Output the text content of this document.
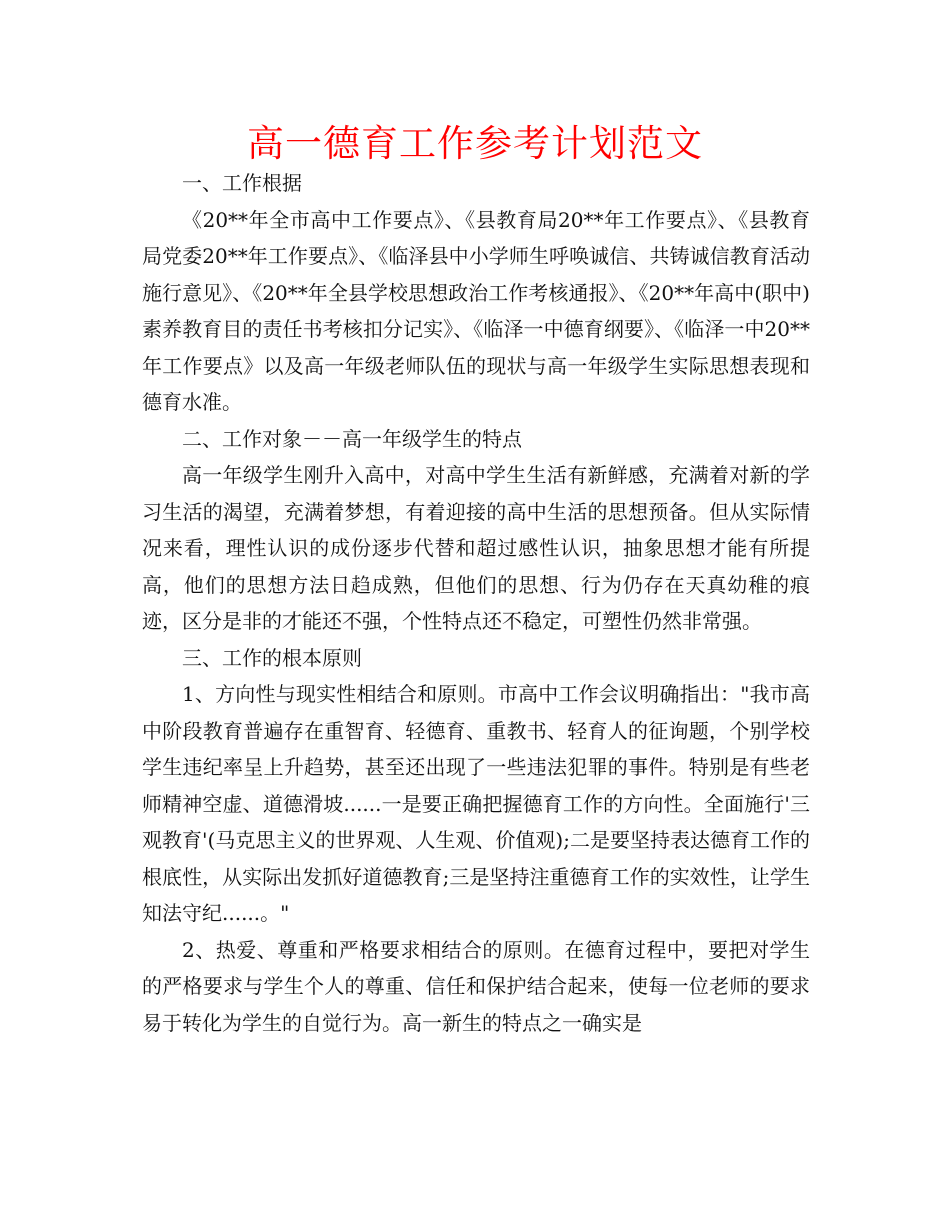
高一德育工作参考计划范文

一、工作根据

《20**年全市高中工作要点》、《县教育局20**年工作要点》、《县教育局党委20**年工作要点》、《临泽县中小学师生呼唤诚信、共铸诚信教育活动施行意见》、《20**年全县学校思想政治工作考核通报》、《20**年高中(职中)素养教育目的责任书考核扣分记实》、《临泽一中德育纲要》、《临泽一中20**年工作要点》以及高一年级老师队伍的现状与高一年级学生实际思想表现和德育水准。

二、工作对象－－高一年级学生的特点

高一年级学生刚升入高中，对高中学生生活有新鲜感，充满着对新的学习生活的渴望，充满着梦想，有着迎接的高中生活的思想预备。但从实际情况来看，理性认识的成份逐步代替和超过感性认识，抽象思想才能有所提高，他们的思想方法日趋成熟，但他们的思想、行为仍存在天真幼稚的痕迹，区分是非的才能还不强，个性特点还不稳定，可塑性仍然非常强。

三、工作的根本原则

1、方向性与现实性相结合和原则。市高中工作会议明确指出："我市高中阶段教育普遍存在重智育、轻德育、重教书、轻育人的征询题，个别学校学生违纪率呈上升趋势，甚至还出现了一些违法犯罪的事件。特别是有些老师精神空虚、道德滑坡......一是要正确把握德育工作的方向性。全面施行'三观教育'(马克思主义的世界观、人生观、价值观);二是要坚持表达德育工作的根底性，从实际出发抓好道德教育;三是坚持注重德育工作的实效性，让学生知法守纪......。"

2、热爱、尊重和严格要求相结合的原则。在德育过程中，要把对学生的严格要求与学生个人的尊重、信任和保护结合起来，使每一位老师的要求易于转化为学生的自觉行为。高一新生的特点之一确实是
